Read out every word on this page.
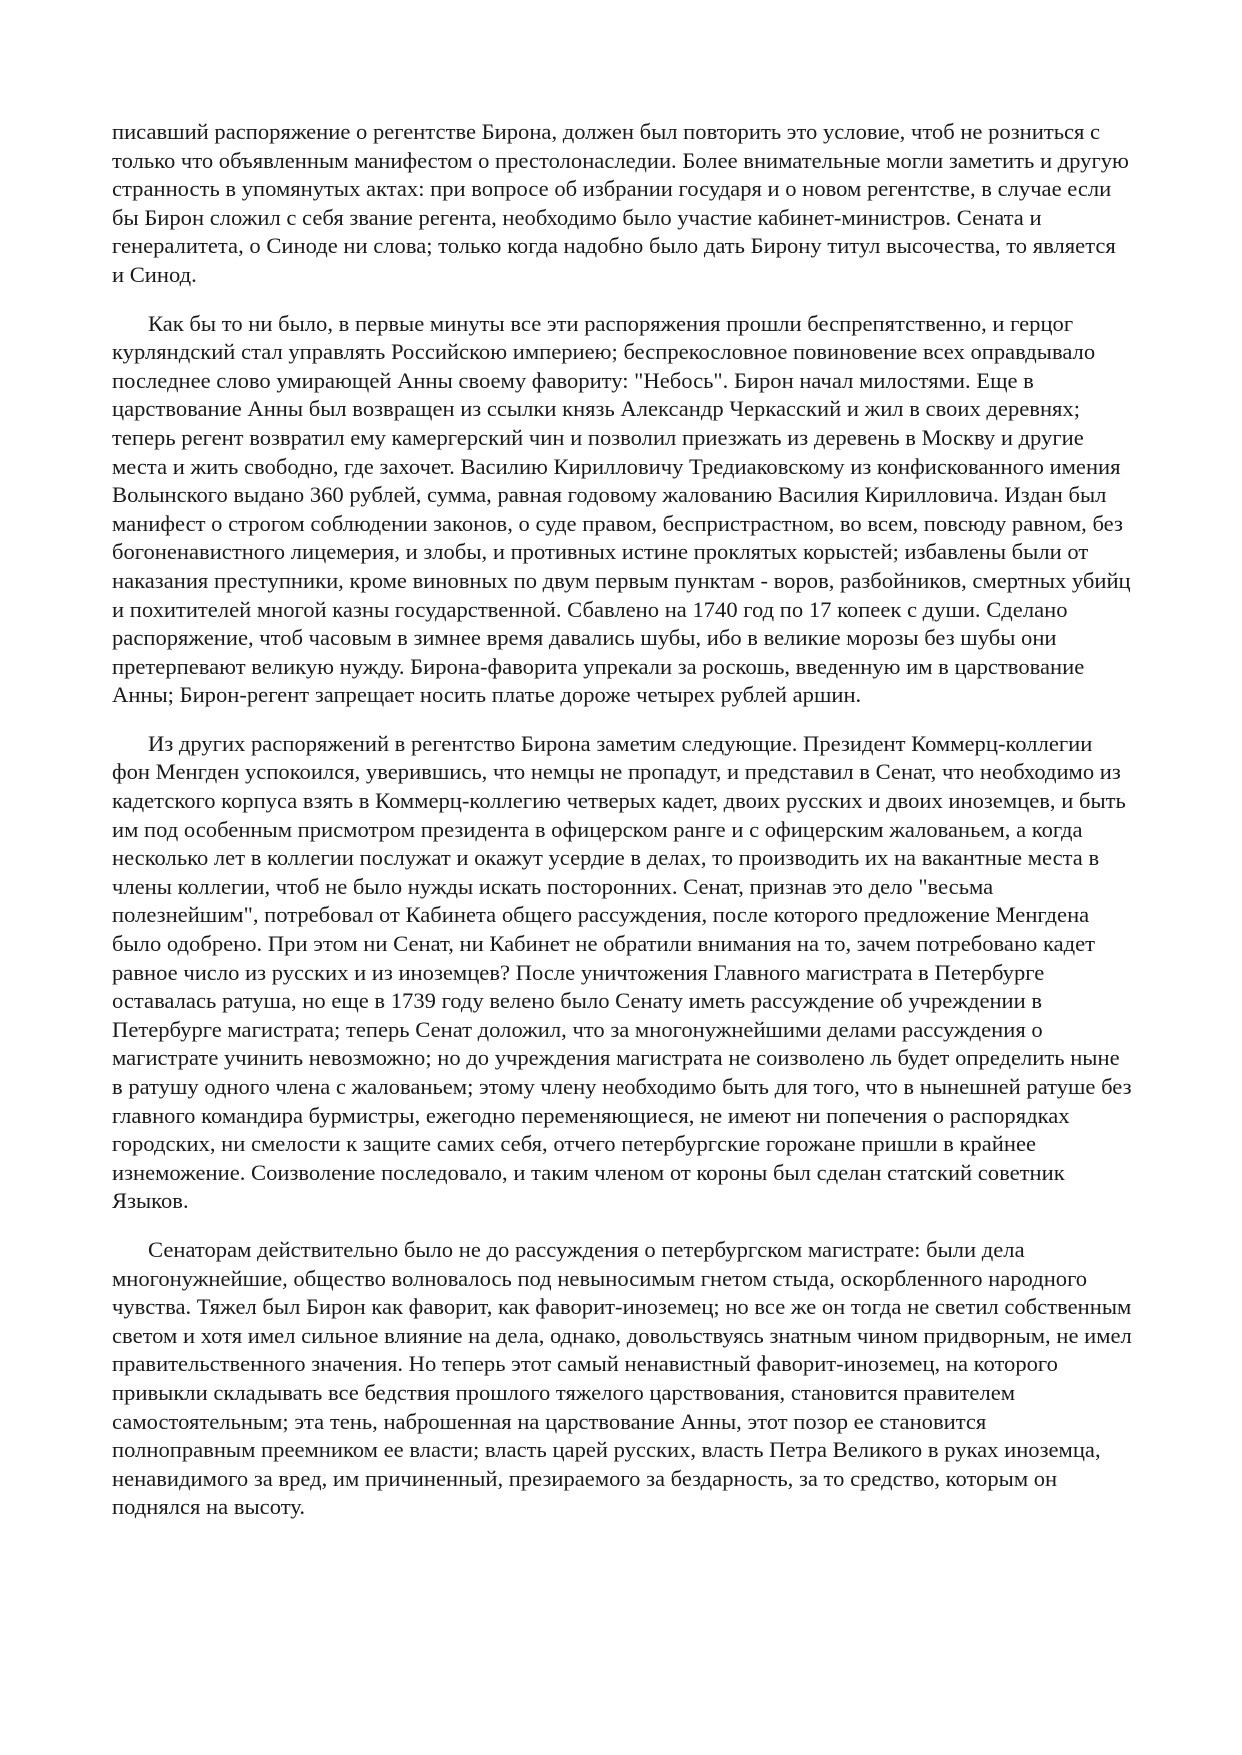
писавший распоряжение о регентстве Бирона, должен был повторить это условие, чтоб не розниться с только что объявленным манифестом о престолонаследии. Более внимательные могли заметить и другую странность в упомянутых актах: при вопросе об избрании государя и о новом регентстве, в случае если бы Бирон сложил с себя звание регента, необходимо было участие кабинет-министров. Сената и генералитета, о Синоде ни слова; только когда надобно было дать Бирону титул высочества, то является и Синод.

Как бы то ни было, в первые минуты все эти распоряжения прошли беспрепятственно, и герцог курляндский стал управлять Российскою империею; беспрекословное повиновение всех оправдывало последнее слово умирающей Анны своему фавориту: "Небось". Бирон начал милостями. Еще в царствование Анны был возвращен из ссылки князь Александр Черкасский и жил в своих деревнях; теперь регент возвратил ему камергерский чин и позволил приезжать из деревень в Москву и другие места и жить свободно, где захочет. Василию Кирилловичу Тредиаковскому из конфискованного имения Волынского выдано 360 рублей, сумма, равная годовому жалованию Василия Кирилловича. Издан был манифест о строгом соблюдении законов, о суде правом, беспристрастном, во всем, повсюду равном, без богоненавистного лицемерия, и злобы, и противных истине проклятых корыстей; избавлены были от наказания преступники, кроме виновных по двум первым пунктам - воров, разбойников, смертных убийц и похитителей многой казны государственной. Сбавлено на 1740 год по 17 копеек с души. Сделано распоряжение, чтоб часовым в зимнее время давались шубы, ибо в великие морозы без шубы они претерпевают великую нужду. Бирона-фаворита упрекали за роскошь, введенную им в царствование Анны; Бирон-регент запрещает носить платье дороже четырех рублей аршин.

Из других распоряжений в регентство Бирона заметим следующие. Президент Коммерц-коллегии фон Менгден успокоился, уверившись, что немцы не пропадут, и представил в Сенат, что необходимо из кадетского корпуса взять в Коммерц-коллегию четверых кадет, двоих русских и двоих иноземцев, и быть им под особенным присмотром президента в офицерском ранге и с офицерским жалованьем, а когда несколько лет в коллегии послужат и окажут усердие в делах, то производить их на вакантные места в члены коллегии, чтоб не было нужды искать посторонних. Сенат, признав это дело "весьма полезнейшим", потребовал от Кабинета общего рассуждения, после которого предложение Менгдена было одобрено. При этом ни Сенат, ни Кабинет не обратили внимания на то, зачем потребовано кадет равное число из русских и из иноземцев? После уничтожения Главного магистрата в Петербурге оставалась ратуша, но еще в 1739 году велено было Сенату иметь рассуждение об учреждении в Петербурге магистрата; теперь Сенат доложил, что за многонужнейшими делами рассуждения о магистрате учинить невозможно; но до учреждения магистрата не соизволено ль будет определить ныне в ратушу одного члена с жалованьем; этому члену необходимо быть для того, что в нынешней ратуше без главного командира бурмистры, ежегодно переменяющиеся, не имеют ни попечения о распорядках городских, ни смелости к защите самих себя, отчего петербургские горожане пришли в крайнее изнеможение. Соизволение последовало, и таким членом от короны был сделан статский советник Языков.

Сенаторам действительно было не до рассуждения о петербургском магистрате: были дела многонужнейшие, общество волновалось под невыносимым гнетом стыда, оскорбленного народного чувства. Тяжел был Бирон как фаворит, как фаворит-иноземец; но все же он тогда не светил собственным светом и хотя имел сильное влияние на дела, однако, довольствуясь знатным чином придворным, не имел правительственного значения. Но теперь этот самый ненавистный фаворит-иноземец, на которого привыкли складывать все бедствия прошлого тяжелого царствования, становится правителем самостоятельным; эта тень, наброшенная на царствование Анны, этот позор ее становится полноправным преемником ее власти; власть царей русских, власть Петра Великого в руках иноземца, ненавидимого за вред, им причиненный, презираемого за бездарность, за то средство, которым он поднялся на высоту.
